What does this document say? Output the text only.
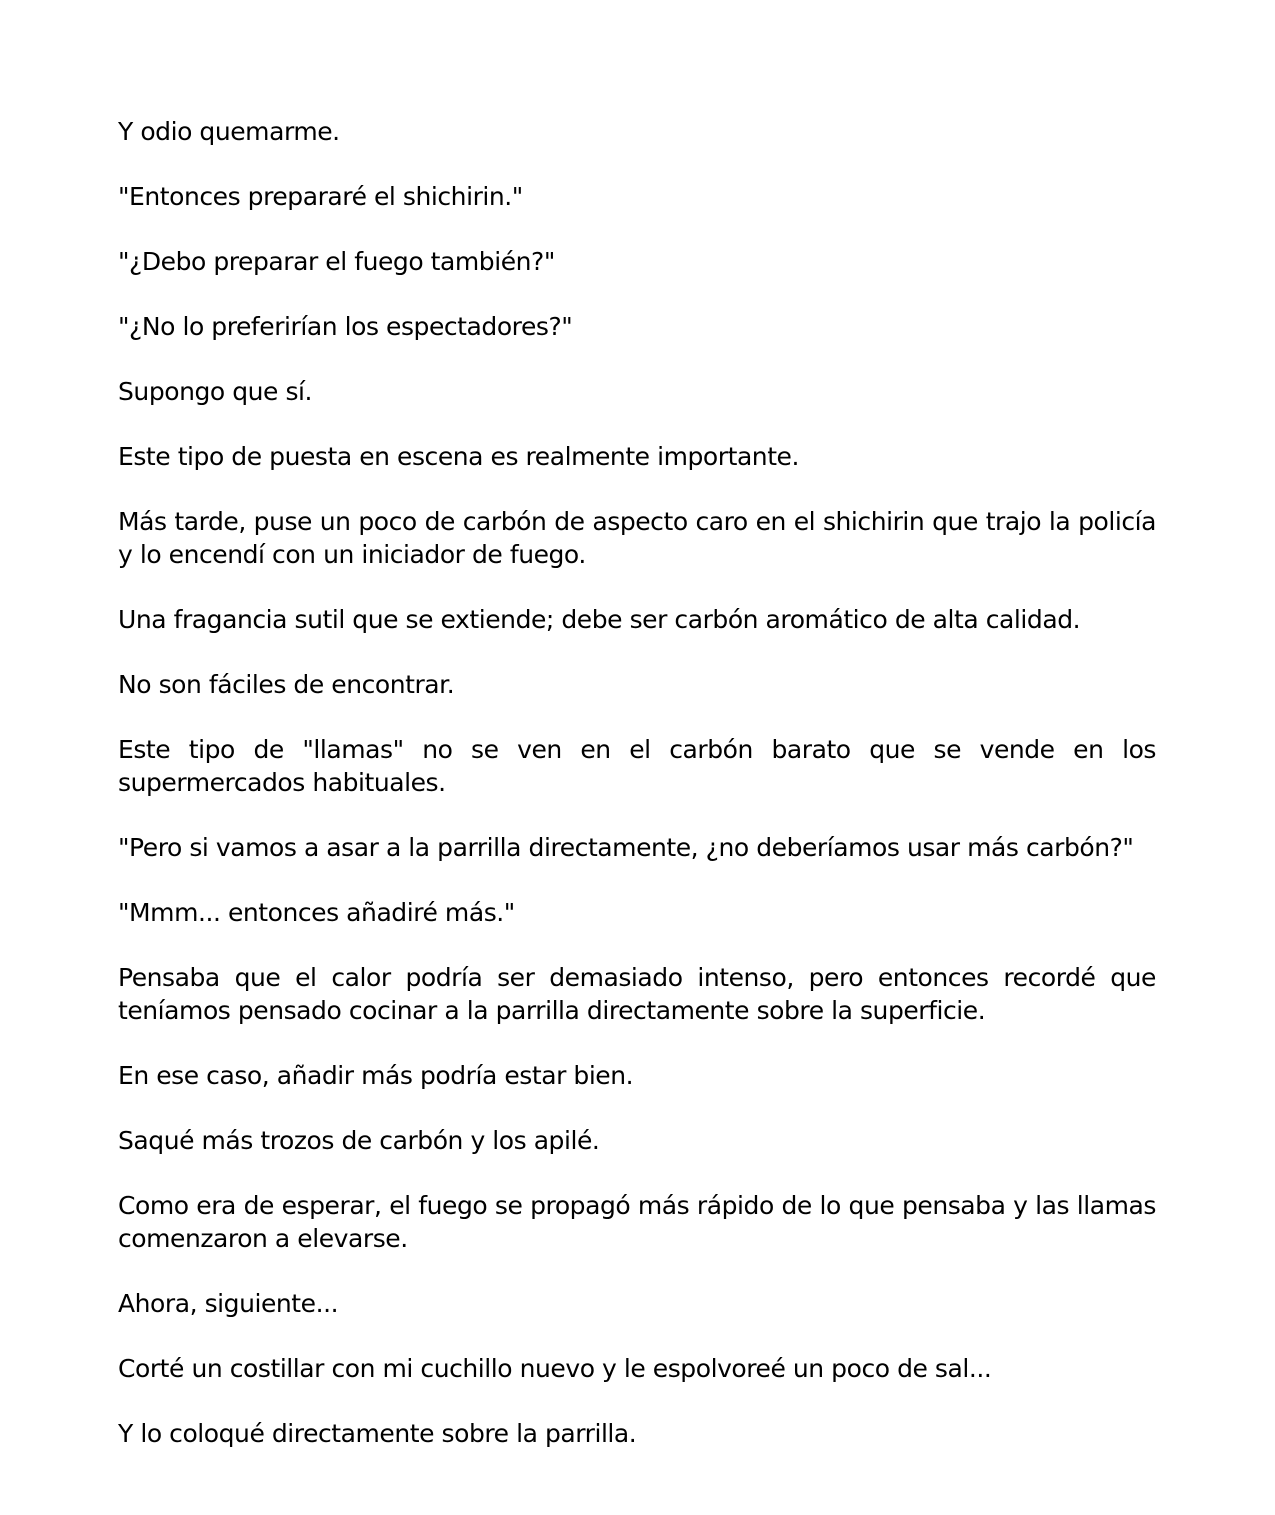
Y odio quemarme.

"Entonces prepararé el shichirin."

"¿Debo preparar el fuego también?"

"¿No lo preferirían los espectadores?"

Supongo que sí.

Este tipo de puesta en escena es realmente importante.

Más tarde, puse un poco de carbón de aspecto caro en el shichirin que trajo la policía y lo encendí con un iniciador de fuego.

Una fragancia sutil que se extiende; debe ser carbón aromático de alta calidad.

No son fáciles de encontrar.

Este tipo de "llamas" no se ven en el carbón barato que se vende en los supermercados habituales.

"Pero si vamos a asar a la parrilla directamente, ¿no deberíamos usar más carbón?"

"Mmm... entonces añadiré más."

Pensaba que el calor podría ser demasiado intenso, pero entonces recordé que teníamos pensado cocinar a la parrilla directamente sobre la superficie.

En ese caso, añadir más podría estar bien.

Saqué más trozos de carbón y los apilé.

Como era de esperar, el fuego se propagó más rápido de lo que pensaba y las llamas comenzaron a elevarse.

Ahora, siguiente...

Corté un costillar con mi cuchillo nuevo y le espolvoreé un poco de sal...

Y lo coloqué directamente sobre la parrilla.
